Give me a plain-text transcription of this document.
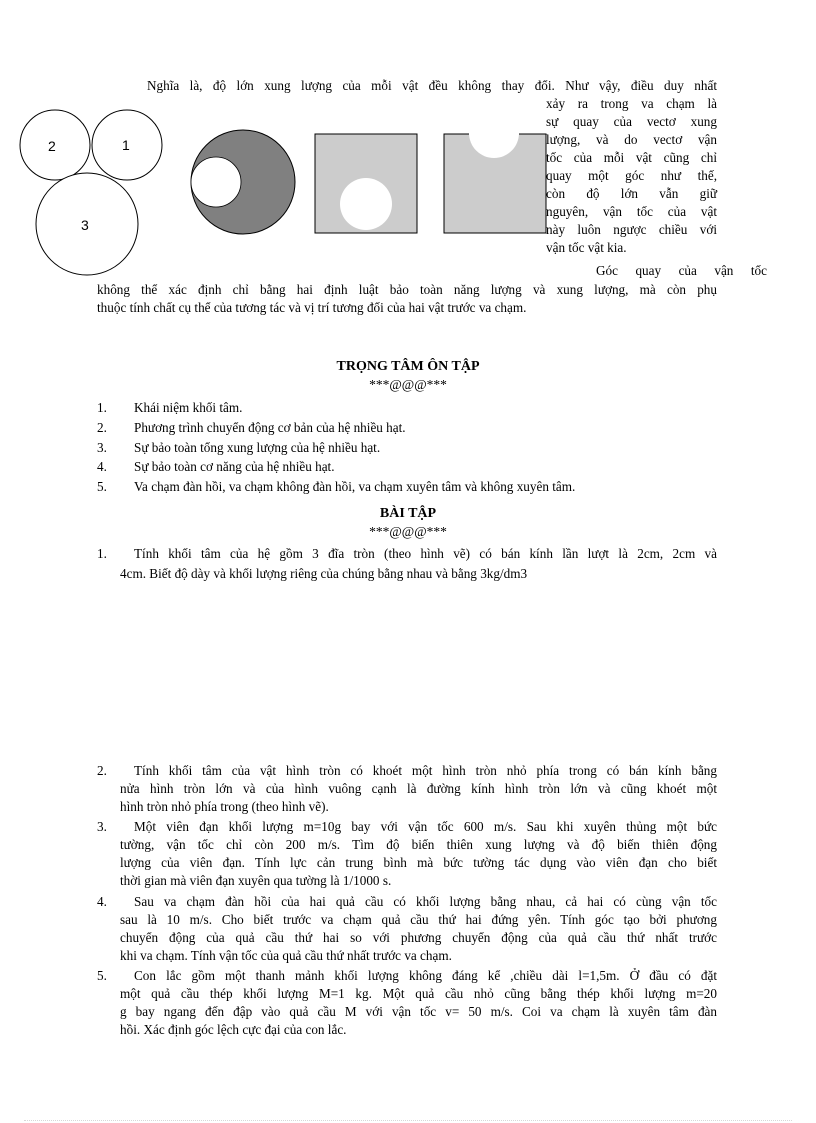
Nghĩa là, độ lớn xung lượng của mỗi vật đều không thay đổi. Như vậy, điều duy nhất
xảy ra trong va chạm là
sự quay của vectơ xung
lượng, và do vectơ vận
tốc của mỗi vật cũng chỉ
quay một góc như thế,
còn độ lớn vẫn giữ
nguyên, vận tốc của vật
này luôn ngược chiều với
vận tốc vật kia.
Góc quay của vận tốc
không thể xác định chỉ bằng hai định luật bảo toàn năng lượng và xung lượng, mà còn phụ
thuộc tính chất cụ thể của tương tác và vị trí tương đối của hai vật trước va chạm.
2	1
3
TRỌNG TÂM ÔN TẬP
***@@@***
1. Khái niệm khối tâm.
2. Phương trình chuyển động cơ bản của hệ nhiều hạt.
3. Sự bảo toàn tổng xung lượng của hệ nhiều hạt.
4. Sự bảo toàn cơ năng của hệ nhiều hạt.
5. Va chạm đàn hồi, va chạm không đàn hồi, va chạm xuyên tâm và không xuyên tâm.
BÀI TẬP
***@@@***
1. Tính khối tâm của hệ gồm 3 đĩa tròn (theo hình vẽ) có bán kính lần lượt là 2cm, 2cm và
4cm. Biết độ dày và khối lượng riêng của chúng bằng nhau và bằng 3kg/dm3
2. Tính khối tâm của vật hình tròn có khoét một hình tròn nhỏ phía trong có bán kính bằng
nửa hình tròn lớn và của hình vuông cạnh là đường kính hình tròn lớn và cũng khoét một
hình tròn nhỏ phía trong (theo hình vẽ).
3. Một viên đạn khối lượng m=10g bay với vận tốc 600 m/s. Sau khi xuyên thủng một bức
tường, vận tốc chỉ còn 200 m/s. Tìm độ biến thiên xung lượng và độ biến thiên động
lượng của viên đạn. Tính lực cản trung bình mà bức tường tác dụng vào viên đạn cho biết
thời gian mà viên đạn xuyên qua tường là 1/1000 s.
4. Sau va chạm đàn hồi của hai quả cầu có khối lượng bằng nhau, cả hai có cùng vận tốc
sau là 10 m/s. Cho biết trước va chạm quả cầu thứ hai đứng yên. Tính góc tạo bởi phương
chuyển động của quả cầu thứ hai so với phương chuyển động của quả cầu thứ nhất trước
khi va chạm. Tính vận tốc của quả cầu thứ nhất trước va chạm.
5. Con lắc gồm một thanh mảnh khối lượng không đáng kể ,chiều dài l=1,5m. Ở đầu có đặt
một quả cầu thép khối lượng M=1 kg. Một quả cầu nhỏ cũng bằng thép khối lượng m=20
g bay ngang đến đập vào quả cầu M với vận tốc v= 50 m/s. Coi va chạm là xuyên tâm đàn
hồi. Xác định góc lệch cực đại của con lắc.
